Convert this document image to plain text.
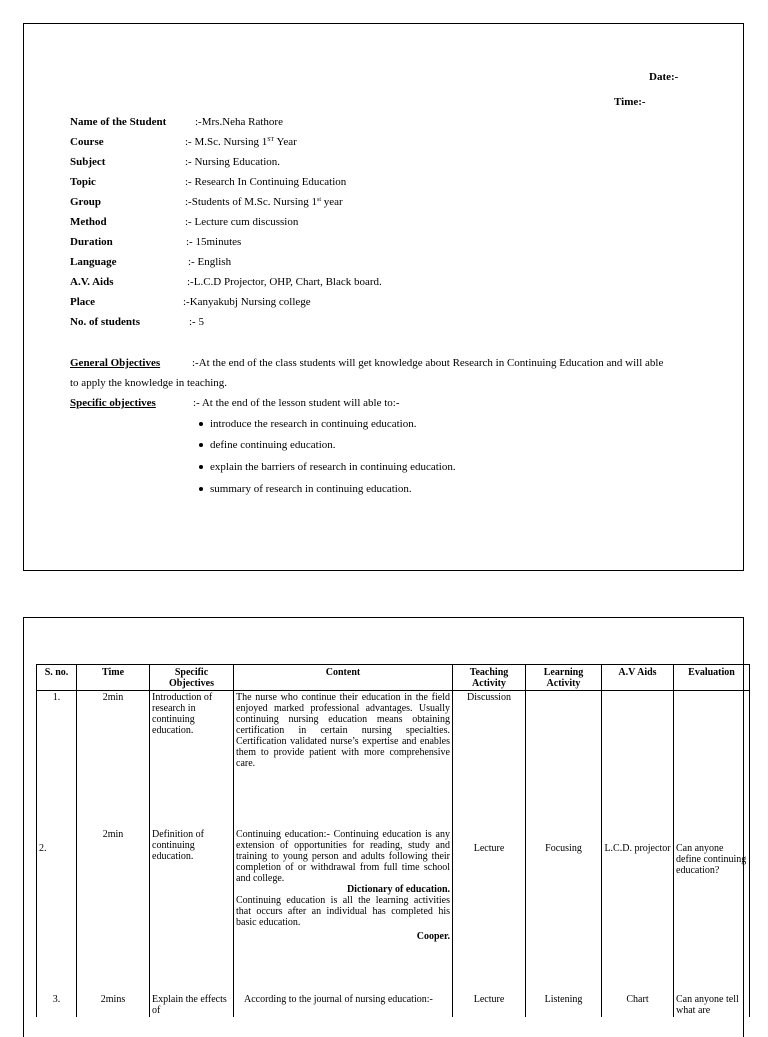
Date:-
Time:-
Name of the Student	:-Mrs.Neha Rathore
Course	:- M.Sc. Nursing 1ST Year
Subject	:- Nursing Education.
Topic	:- Research In Continuing Education
Group	:-Students of M.Sc. Nursing 1st year
Method	:- Lecture cum discussion
Duration	:- 15minutes
Language	:- English
A.V. Aids	:-L.C.D Projector, OHP, Chart, Black board.
Place	:-Kanyakubj Nursing college
No. of students	:- 5
General Objectives	:-At the end of the class students will get knowledge about Research in Continuing Education and will able
to apply the knowledge in teaching.
Specific objectives	:- At the end of the lesson student will able to:-
introduce the research in continuing education.
define continuing education.
explain the barriers of research in continuing education.
summary of research in continuing education.
S. no.	Time	Specific Objectives	Content	Teaching Activity	Learning Activity	A.V Aids	Evaluation
1.	2min	Introduction of research in continuing education.	The nurse who continue their education in the field enjoyed marked professional advantages. Usually continuing nursing education means obtaining certification in certain nursing specialties. Certification validated nurse’s expertise and enables them to provide patient with more comprehensive care.	Discussion			

2.	2min	Definition of continuing education.	Continuing education:- Continuing education is any extension of opportunities for reading, study and training to young person and adults following their completion of or withdrawal from full time school and college.
Dictionary of education.
Continuing education is all the learning activities that occurs after an individual has completed his basic education.
Cooper.	Lecture	Focusing	L.C.D. projector	Can anyone define continuing education?

3.	2mins	Explain the effects of	According to the journal of nursing education:-	Lecture	Listening	Chart	Can anyone tell what are
